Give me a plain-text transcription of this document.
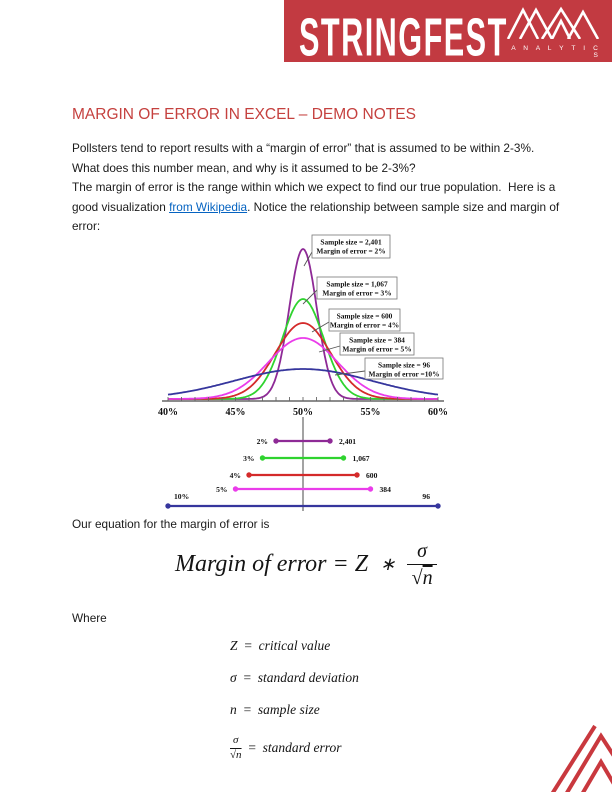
STRINGFEST A N A L Y T I C S
MARGIN OF ERROR IN EXCEL – DEMO NOTES
Pollsters tend to report results with a “margin of error” that is assumed to be within 2-3%.
What does this number mean, and why is it assumed to be 2-3%?
The margin of error is the range within which we expect to find our true population.  Here is a
good visualization from Wikipedia. Notice the relationship between sample size and margin of
error:
40%	45%	50%	55%	60%
Sample size = 2,401
Margin of error = 2%
Sample size = 1,067
Margin of error = 3%
Sample size = 600
Margin of error = 4%
Sample size = 384
Margin of error = 5%
Sample size = 96
Margin of error =10%
2%	2,401
3%	1,067
4%	600
5%	384
10%	96
Our equation for the margin of error is
Margin of error = Z ∗ $\frac{\sigma}{√n}$
Where
Z = critical value
σ = standard deviation
n = sample size
$\frac{\sigma}{√n}$ = standard error
